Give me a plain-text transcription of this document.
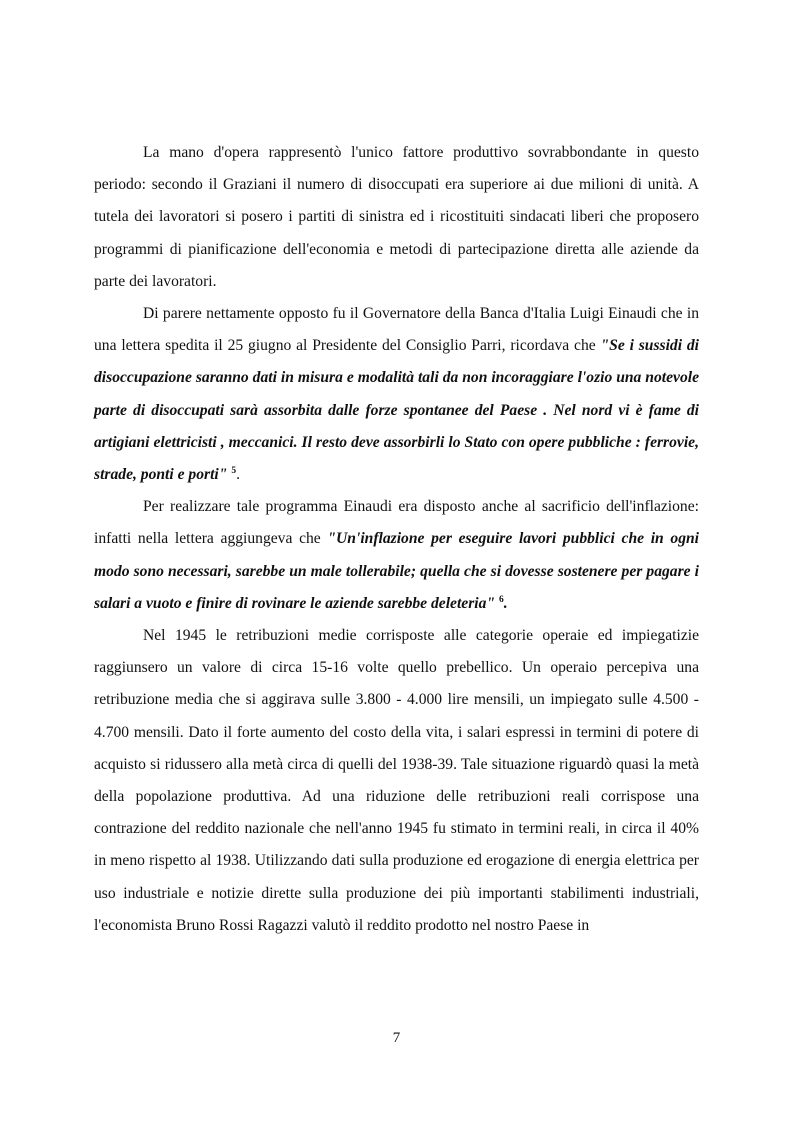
La mano d'opera rappresentò l'unico fattore produttivo sovrabbondante in questo periodo: secondo il Graziani il numero di disoccupati era superiore ai due milioni di unità. A tutela dei lavoratori si posero i partiti di sinistra ed i ricostituiti sindacati liberi che proposero programmi di pianificazione dell'economia e metodi di partecipazione diretta alle aziende da parte dei lavoratori.

Di parere nettamente opposto fu il Governatore della Banca d'Italia Luigi Einaudi che in una lettera spedita il 25 giugno al Presidente del Consiglio Parri, ricordava che "Se i sussidi di disoccupazione saranno dati in misura e modalità tali da non incoraggiare l'ozio una notevole parte di disoccupati sarà assorbita dalle forze spontanee del Paese . Nel nord vi è fame di artigiani elettricisti , meccanici. Il resto deve assorbirli lo Stato con opere pubbliche : ferrovie, strade, ponti e porti" $^5$.

Per realizzare tale programma Einaudi era disposto anche al sacrificio dell'inflazione: infatti nella lettera aggiungeva che "Un'inflazione per eseguire lavori pubblici che in ogni modo sono necessari, sarebbe un male tollerabile; quella che si dovesse sostenere per pagare i salari a vuoto e finire di rovinare le aziende sarebbe deleteria" $^6$.

Nel 1945 le retribuzioni medie corrisposte alle categorie operaie ed impiegatizie raggiunsero un valore di circa 15-16 volte quello prebellico. Un operaio percepiva una retribuzione media che si aggirava sulle 3.800 - 4.000 lire mensili, un impiegato sulle 4.500 - 4.700 mensili. Dato il forte aumento del costo della vita, i salari espressi in termini di potere di acquisto si ridussero alla metà circa di quelli del 1938-39. Tale situazione riguardò quasi la metà della popolazione produttiva. Ad una riduzione delle retribuzioni reali corrispose una contrazione del reddito nazionale che nell'anno 1945 fu stimato in termini reali, in circa il 40% in meno rispetto al 1938. Utilizzando dati sulla produzione ed erogazione di energia elettrica per uso industriale e notizie dirette sulla produzione dei più importanti stabilimenti industriali, l'economista Bruno Rossi Ragazzi valutò il reddito prodotto nel nostro Paese in

7
